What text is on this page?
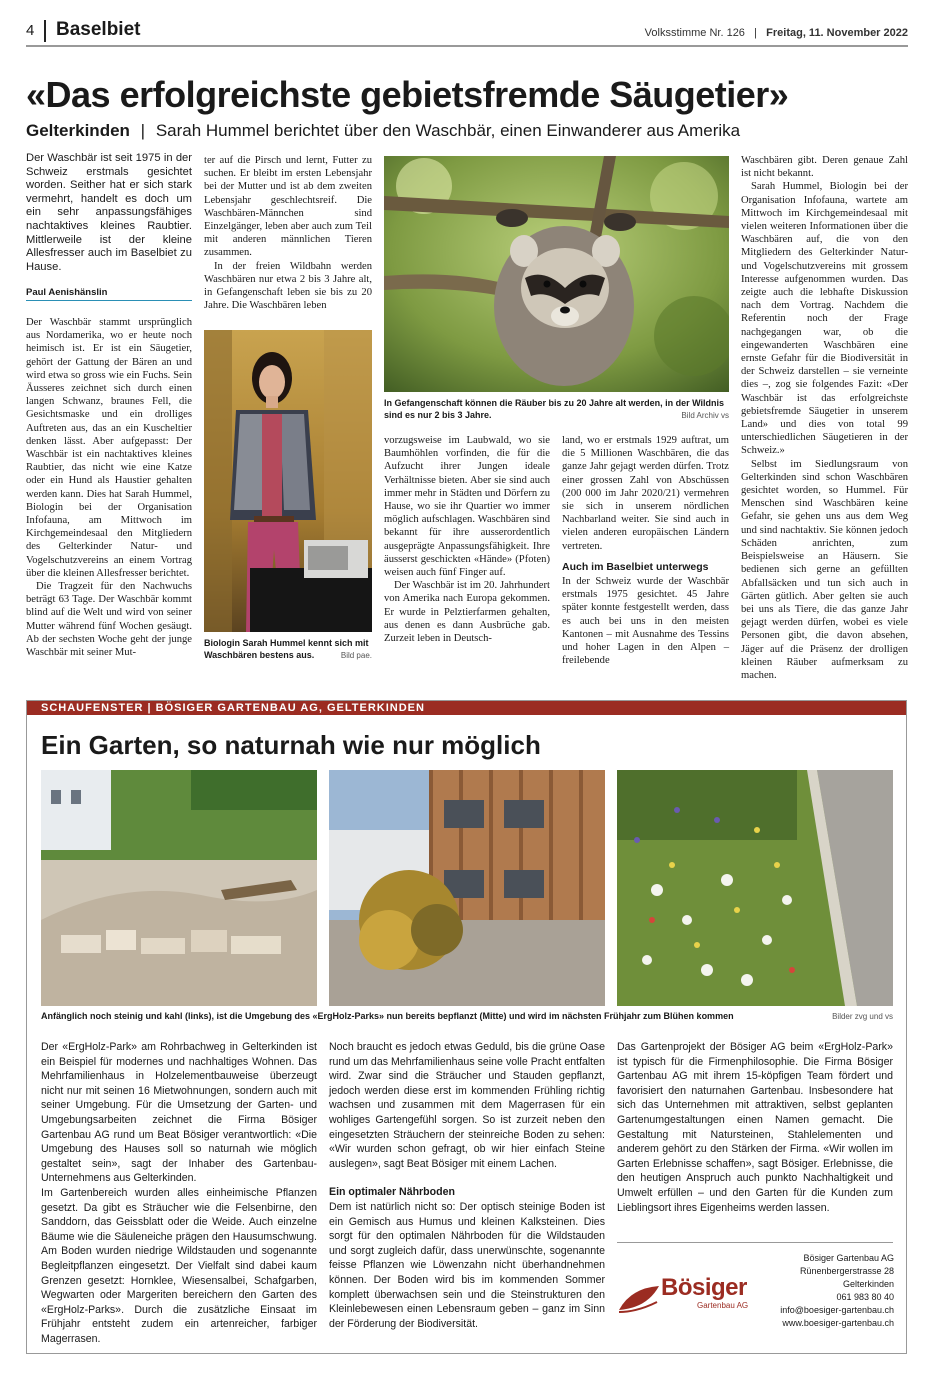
4 Baselbiet	Volksstimme Nr. 126   |   Freitag, 11. November 2022
«Das erfolgreichste gebietsfremde Säugetier»
Gelterkinden | Sarah Hummel berichtet über den Waschbär, einen Einwanderer aus Amerika
Der Waschbär ist seit 1975 in der Schweiz erstmals gesichtet worden. Seither hat er sich stark vermehrt, handelt es doch um ein sehr anpassungsfähiges nachtaktives kleines Raubtier. Mittlerweile ist der kleine Allesfresser auch im Baselbiet zu Hause.
Paul Aenishänslin

Der Waschbär stammt ursprünglich aus Nordamerika, wo er heute noch heimisch ist. Er ist ein Säugetier, gehört der Gattung der Bären an und wird etwa so gross wie ein Fuchs. Sein Äusseres zeichnet sich durch einen langen Schwanz, braunes Fell, die Gesichtsmaske und ein drolliges Auftreten aus, das an ein Kuscheltier denken lässt. Aber aufgepasst: Der Waschbär ist ein nachtaktives kleines Raubtier, das nicht wie eine Katze oder ein Hund als Haustier gehalten werden kann. Dies hat Sarah Hummel, Biologin bei der Organisation Infofauna, am Mittwoch im Kirchgemeindesaal den Mitgliedern des Gelterkinder Natur- und Vogelschutzvereins an einem Vortrag über die kleinen Allesfresser berichtet.

Die Tragzeit für den Nachwuchs beträgt 63 Tage. Der Waschbär kommt blind auf die Welt und wird von seiner Mutter während fünf Wochen gesäugt. Ab der sechsten Woche geht der junge Waschbär mit seiner Mut-

ter auf die Pirsch und lernt, Futter zu suchen. Er bleibt im ersten Lebensjahr bei der Mutter und ist ab dem zweiten Lebensjahr geschlechtsreif. Die Waschbären-Männchen sind Einzelgänger, leben aber auch zum Teil mit anderen männlichen Tieren zusammen.

In der freien Wildbahn werden Waschbären nur etwa 2 bis 3 Jahre alt, in Gefangenschaft leben sie bis zu 20 Jahre. Die Waschbären leben

Biologin Sarah Hummel kennt sich mit Waschbären bestens aus.	Bild pae.
In Gefangenschaft können die Räuber bis zu 20 Jahre alt werden, in der Wildnis sind es nur 2 bis 3 Jahre.	Bild Archiv vs

vorzugsweise im Laubwald, wo sie Baumhöhlen vorfinden, die für die Aufzucht ihrer Jungen ideale Verhältnisse bieten. Aber sie sind auch immer mehr in Städten und Dörfern zu Hause, wo sie ihr Quartier wo immer möglich aufschlagen. Waschbären sind bekannt für ihre ausserordentlich ausgeprägte Anpassungsfähigkeit. Ihre äusserst geschickten «Hände» (Pfoten) weisen auch fünf Finger auf.

Der Waschbär ist im 20. Jahrhundert von Amerika nach Europa gekommen. Er wurde in Pelztierfarmen gehalten, aus denen es dann Ausbrüche gab. Zurzeit leben in Deutsch-

land, wo er erstmals 1929 auftrat, um die 5 Millionen Waschbären, die das ganze Jahr gejagt werden dürfen. Trotz einer grossen Zahl von Abschüssen (200 000 im Jahr 2020/21) vermehren sie sich in unserem nördlichen Nachbarland weiter. Sie sind auch in vielen anderen europäischen Ländern vertreten.

Auch im Baselbiet unterwegs

In der Schweiz wurde der Waschbär erstmals 1975 gesichtet. 45 Jahre später konnte festgestellt werden, dass es auch bei uns in den meisten Kantonen – mit Ausnahme des Tessins und hoher Lagen in den Alpen – freilebende

Waschbären gibt. Deren genaue Zahl ist nicht bekannt.

Sarah Hummel, Biologin bei der Organisation Infofauna, wartete am Mittwoch im Kirchgemeindesaal mit vielen weiteren Informationen über die Waschbären auf, die von den Mitgliedern des Gelterkinder Natur- und Vogelschutzvereins mit grossem Interesse aufgenommen wurden. Das zeigte auch die lebhafte Diskussion nach dem Vortrag. Nachdem die Referentin noch der Frage nachgegangen war, ob die eingewanderten Waschbären eine ernste Gefahr für die Biodiversität in der Schweiz darstellen – sie verneinte dies –, zog sie folgendes Fazit: «Der Waschbär ist das erfolgreichste gebietsfremde Säugetier in unserem Land» und dies von total 99 unterschiedlichen Säugetieren in der Schweiz.»

Selbst im Siedlungsraum von Gelterkinden sind schon Waschbären gesichtet worden, so Hummel. Für Menschen sind Waschbären keine Gefahr, sie gehen uns aus dem Weg und sind nachtaktiv. Sie können jedoch Schäden anrichten, zum Beispielsweise an Häusern. Sie bedienen sich gerne an gefüllten Abfallsäcken und tun sich auch in Gärten gütlich. Aber gelten sie auch bei uns als Tiere, die das ganze Jahr gejagt werden dürfen, wobei es viele Personen gibt, die davon absehen, Jäger auf die Präsenz der drolligen kleinen Räuber aufmerksam zu machen.

SCHAUFENSTER | BÖSIGER GARTENBAU AG, GELTERKINDEN
Ein Garten, so naturnah wie nur möglich
Anfänglich noch steinig und kahl (links), ist die Umgebung des «ErgHolz-Parks» nun bereits bepflanzt (Mitte) und wird im nächsten Frühjahr zum Blühen kommen	Bilder zvg und vs

Der «ErgHolz-Park» am Rohrbachweg in Gelterkinden ist ein Beispiel für modernes und nachhaltiges Wohnen. Das Mehrfamilienhaus in Holzelementbauweise überzeugt nicht nur mit seinen 16 Mietwohnungen, sondern auch mit seiner Umgebung. Für die Umsetzung der Garten- und Umgebungsarbeiten zeichnet die Firma Bösiger Gartenbau AG rund um Beat Bösiger verantwortlich: «Die Umgebung des Hauses soll so naturnah wie möglich gestaltet sein», sagt der Inhaber des Gartenbau-Unternehmens aus Gelterkinden.

Im Gartenbereich wurden alles einheimische Pflanzen gesetzt. Da gibt es Sträucher wie die Felsenbirne, den Sanddorn, das Geissblatt oder die Weide. Auch einzelne Bäume wie die Säuleneiche prägen den Hausumschwung. Am Boden wurden niedrige Wildstauden und sogenannte Begleitpflanzen eingesetzt. Der Vielfalt sind dabei kaum Grenzen gesetzt: Hornklee, Wiesensalbei, Schafgarben, Wegwarten oder Margeriten bereichern den Garten des «ErgHolz-Parks». Durch die zusätzliche Einsaat im Frühjahr entsteht zudem ein artenreicher, farbiger Magerrasen.

Noch braucht es jedoch etwas Geduld, bis die grüne Oase rund um das Mehrfamilienhaus seine volle Pracht entfalten wird. Zwar sind die Sträucher und Stauden gepflanzt, jedoch werden diese erst im kommenden Frühling richtig wachsen und zusammen mit dem Magerrasen für ein wohliges Gartengefühl sorgen. So ist zurzeit neben den eingesetzten Sträuchern der steinreiche Boden zu sehen: «Wir wurden schon gefragt, ob wir hier einfach Steine auslegen», sagt Beat Bösiger mit einem Lachen.

Ein optimaler Nährboden

Dem ist natürlich nicht so: Der optisch steinige Boden ist ein Gemisch aus Humus und kleinen Kalksteinen. Dies sorgt für den optimalen Nährboden für die Wildstauden und sorgt zugleich dafür, dass unerwünschte, sogenannte feisse Pflanzen wie Löwenzahn nicht überhandnehmen können. Der Boden wird bis im kommenden Sommer komplett überwachsen sein und die Steinstrukturen den Kleinlebewesen einen Lebensraum geben – ganz im Sinn der Förderung der Biodiversität.

Das Gartenprojekt der Bösiger AG beim «ErgHolz-Park» ist typisch für die Firmenphilosophie. Die Firma Bösiger Gartenbau AG mit ihrem 15-köpfigen Team fördert und favorisiert den naturnahen Gartenbau. Insbesondere hat sich das Unternehmen mit attraktiven, selbst geplanten Gartenumgestaltungen einen Namen gemacht. Die Gestaltung mit Natursteinen, Stahlelementen und anderem gehört zu den Stärken der Firma. «Wir wollen im Garten Erlebnisse schaffen», sagt Bösiger. Erlebnisse, die den heutigen Anspruch auch punkto Nachhaltigkeit und Umwelt erfüllen – und den Garten für die Kunden zum Lieblingsort ihres Eigenheims werden lassen.

Bösiger
Gartenbau AG
Bösiger Gartenbau AG
Rünenbergerstrasse 28
Gelterkinden
061 983 80 40
info@boesiger-gartenbau.ch
www.boesiger-gartenbau.ch
